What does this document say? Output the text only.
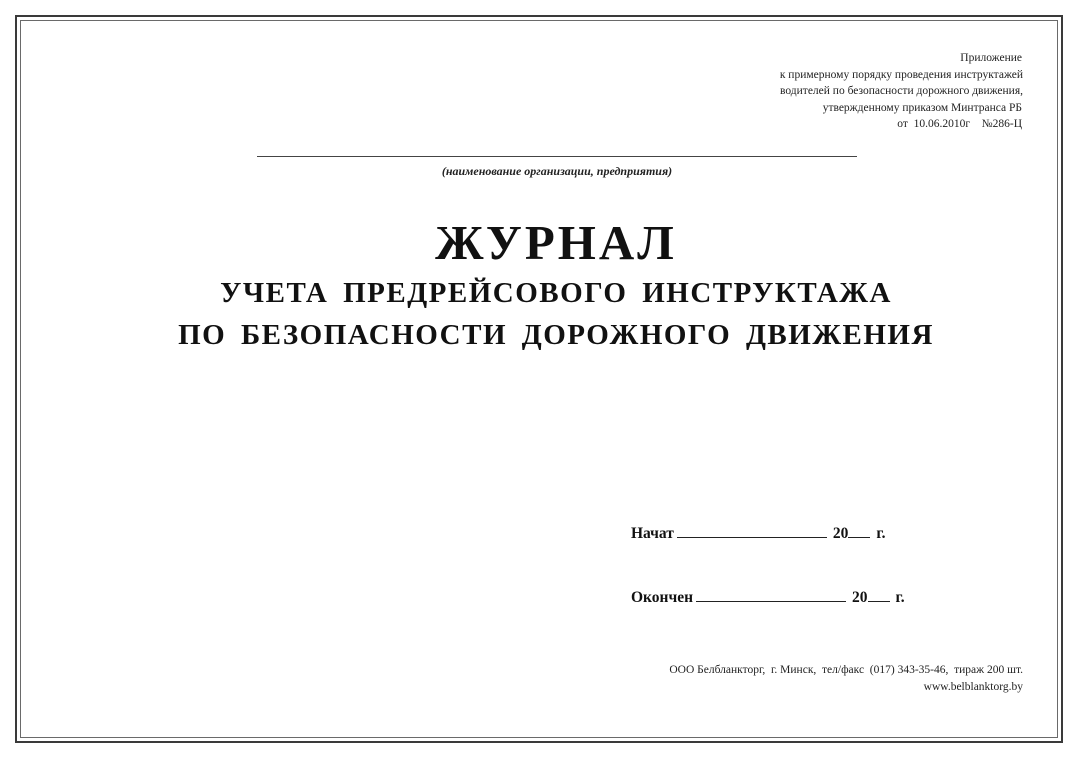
Приложение
к примерному порядку проведения инструктажей
водителей по безопасности дорожного движения,
утвержденному приказом Минтранса РБ
от  10.06.2010г    №286-Ц
(наименование организации, предприятия)
ЖУРНАЛ
УЧЕТА ПРЕДРЕЙСОВОГО ИНСТРУКТАЖА
ПО БЕЗОПАСНОСТИ ДОРОЖНОГО ДВИЖЕНИЯ
Начат	20 г.
Окончен	20 г.
ООО Белбланкторг,  г. Минск,  тел/факс  (017) 343-35-46,  тираж 200 шт.
www.belblanktorg.by
